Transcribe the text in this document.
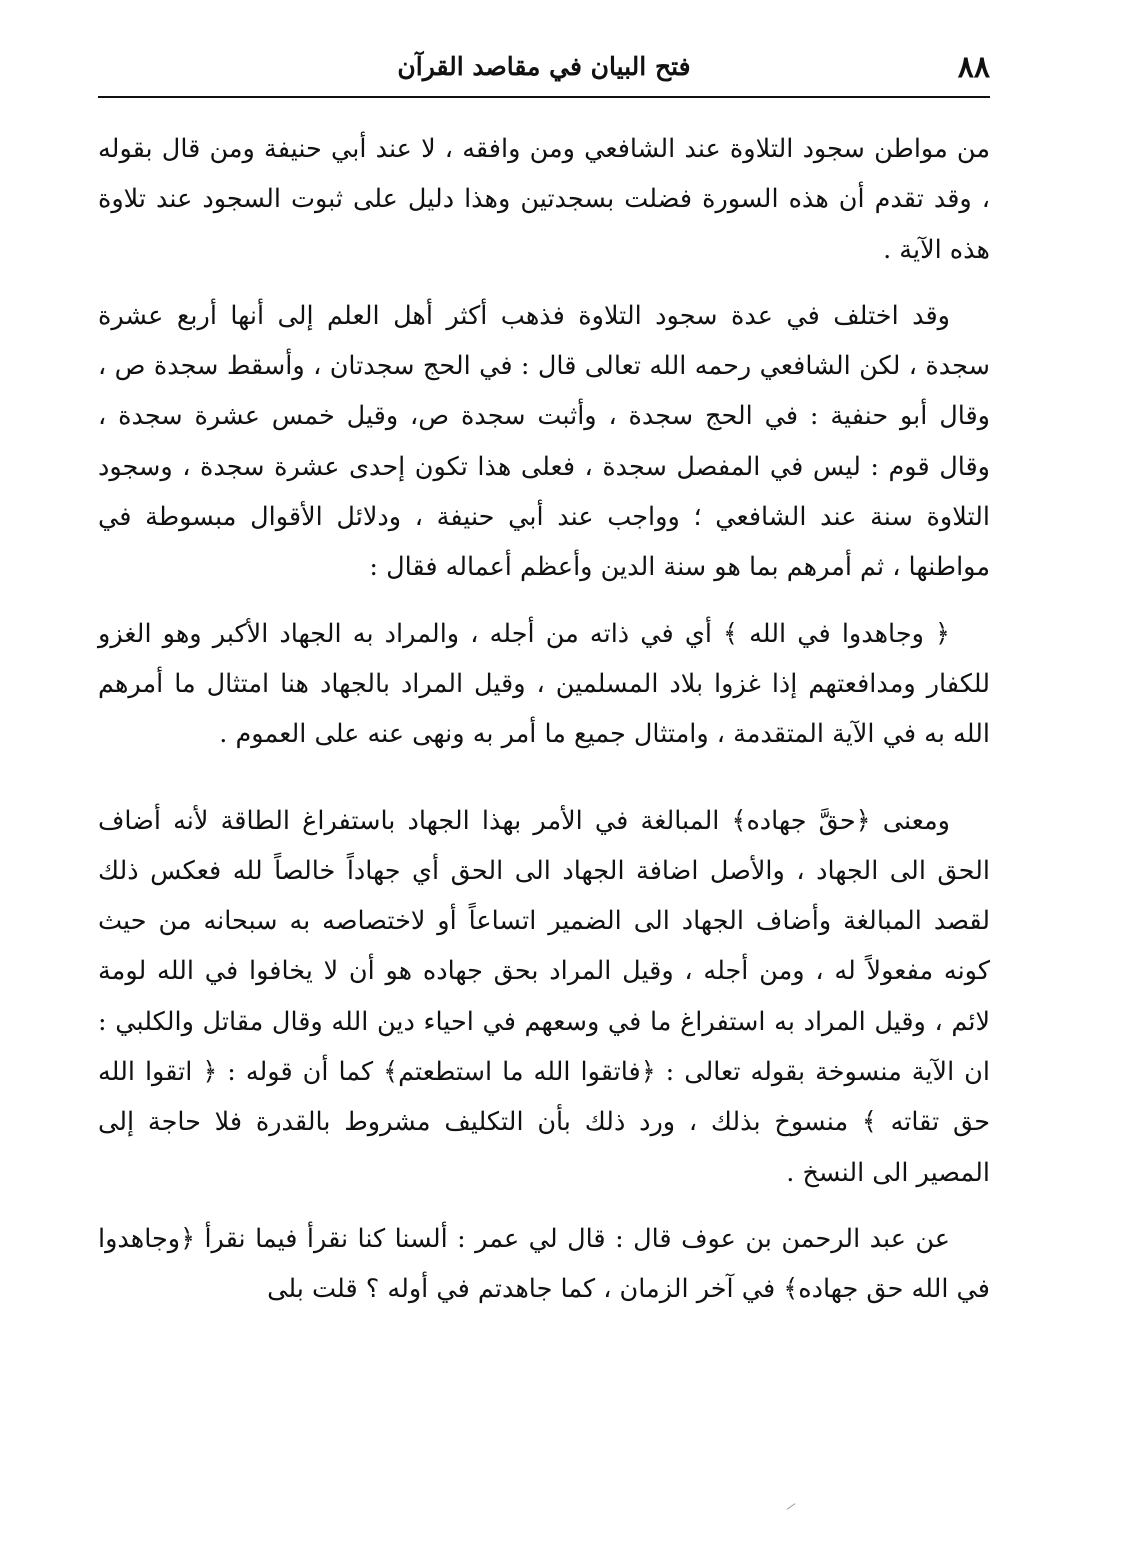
٨٨
فتح البيان في مقاصد القرآن

من مواطن سجود التلاوة عند الشافعي ومن وافقه ، لا عند أبي حنيفة ومن قال بقوله ، وقد تقدم أن هذه السورة فضلت بسجدتين وهذا دليل على ثبوت السجود عند تلاوة هذه الآية .

وقد اختلف في عدة سجود التلاوة فذهب أكثر أهل العلم إلى أنها أربع عشرة سجدة ، لكن الشافعي رحمه الله تعالى قال : في الحج سجدتان ، وأسقط سجدة ص ، وقال أبو حنفية : في الحج سجدة ، وأثبت سجدة ص، وقيل خمس عشرة سجدة ، وقال قوم : ليس في المفصل سجدة ، فعلى هذا تكون إحدى عشرة سجدة ، وسجود التلاوة سنة عند الشافعي ؛ وواجب عند أبي حنيفة ، ودلائل الأقوال مبسوطة في مواطنها ، ثم أمرهم بما هو سنة الدين وأعظم أعماله فقال :

﴿ وجاهدوا في الله ﴾ أي في ذاته من أجله ، والمراد به الجهاد الأكبر وهو الغزو للكفار ومدافعتهم إذا غزوا بلاد المسلمين ، وقيل المراد بالجهاد هنا امتثال ما أمرهم الله به في الآية المتقدمة ، وامتثال جميع ما أمر به ونهى عنه على العموم .

ومعنى ﴿حقَّ جهاده﴾ المبالغة في الأمر بهذا الجهاد باستفراغ الطاقة لأنه أضاف الحق الى الجهاد ، والأصل اضافة الجهاد الى الحق أي جهاداً خالصاً لله فعكس ذلك لقصد المبالغة وأضاف الجهاد الى الضمير اتساعاً أو لاختصاصه به سبحانه من حيث كونه مفعولاً له ، ومن أجله ، وقيل المراد بحق جهاده هو أن لا يخافوا في الله لومة لائم ، وقيل المراد به استفراغ ما في وسعهم في احياء دين الله وقال مقاتل والكلبي : ان الآية منسوخة بقوله تعالى : ﴿فاتقوا الله ما استطعتم﴾ كما أن قوله : ﴿ اتقوا الله حق تقاته ﴾ منسوخ بذلك ، ورد ذلك بأن التكليف مشروط بالقدرة فلا حاجة إلى المصير الى النسخ .

عن عبد الرحمن بن عوف قال : قال لي عمر : ألسنا كنا نقرأ فيما نقرأ ﴿وجاهدوا في الله حق جهاده﴾ في آخر الزمان ، كما جاهدتم في أوله ؟ قلت بلى
